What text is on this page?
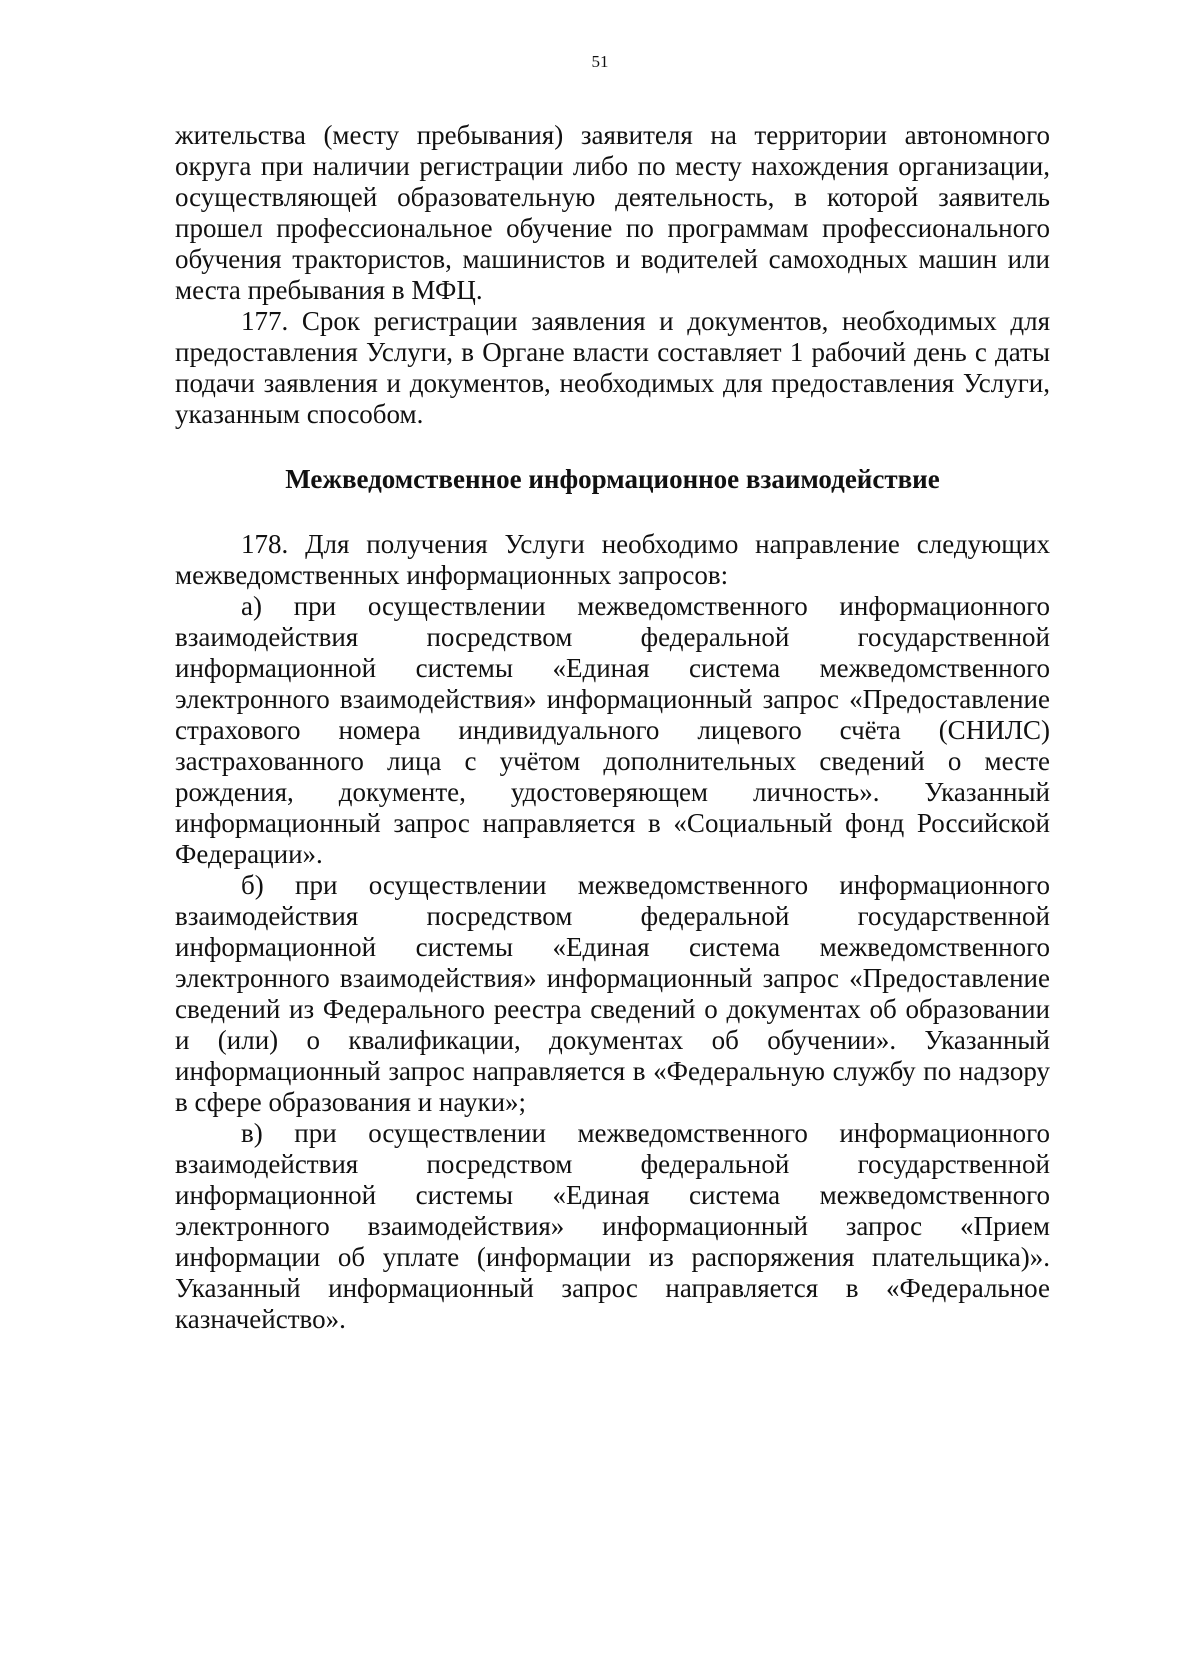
51

жительства (месту пребывания) заявителя на территории автономного округа при наличии регистрации либо по месту нахождения организации, осуществляющей образовательную деятельность, в которой заявитель прошел профессиональное обучение по программам профессионального обучения трактористов, машинистов и водителей самоходных машин или места пребывания в МФЦ.

177. Срок регистрации заявления и документов, необходимых для предоставления Услуги, в Органе власти составляет 1 рабочий день с даты подачи заявления и документов, необходимых для предоставления Услуги, указанным способом.

Межведомственное информационное взаимодействие

178. Для получения Услуги необходимо направление следующих межведомственных информационных запросов:

а) при осуществлении межведомственного информационного взаимодействия посредством федеральной государственной информационной системы «Единая система межведомственного электронного взаимодействия» информационный запрос «Предоставление страхового номера индивидуального лицевого счёта (СНИЛС) застрахованного лица с учётом дополнительных сведений о месте рождения, документе, удостоверяющем личность». Указанный информационный запрос направляется в «Социальный фонд Российской Федерации».

б) при осуществлении межведомственного информационного взаимодействия посредством федеральной государственной информационной системы «Единая система межведомственного электронного взаимодействия» информационный запрос «Предоставление сведений из Федерального реестра сведений о документах об образовании и (или) о квалификации, документах об обучении». Указанный информационный запрос направляется в «Федеральную службу по надзору в сфере образования и науки»;

в) при осуществлении межведомственного информационного взаимодействия посредством федеральной государственной информационной системы «Единая система межведомственного электронного взаимодействия» информационный запрос «Прием информации об уплате (информации из распоряжения плательщика)». Указанный информационный запрос направляется в «Федеральное казначейство».
